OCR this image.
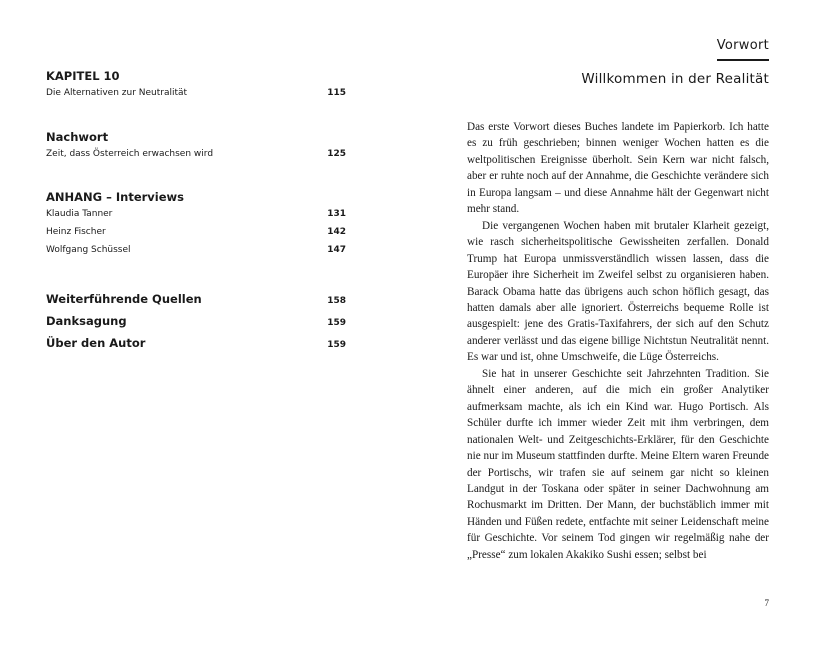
KAPITEL 10
Die Alternativen zur Neutralität	115
Nachwort
Zeit, dass Österreich erwachsen wird	125
ANHANG – Interviews
Klaudia Tanner	131
Heinz Fischer	142
Wolfgang Schüssel	147
Weiterführende Quellen	158
Danksagung	159
Über den Autor	159
Vorwort
Willkommen in der Realität

Das erste Vorwort dieses Buches landete im Papierkorb. Ich hatte es zu früh geschrieben; binnen weniger Wochen hatten es die weltpolitischen Ereignisse überholt. Sein Kern war nicht falsch, aber er ruhte noch auf der Annahme, die Geschichte verändere sich in Europa langsam – und diese Annahme hält der Gegenwart nicht mehr stand.

Die vergangenen Wochen haben mit brutaler Klarheit gezeigt, wie rasch sicherheitspolitische Gewissheiten zerfallen. Donald Trump hat Europa unmissverständlich wissen lassen, dass die Europäer ihre Sicherheit im Zweifel selbst zu organisieren haben. Barack Obama hatte das übrigens auch schon höflich gesagt, das hatten damals aber alle ignoriert. Österreichs bequeme Rolle ist ausgespielt: jene des Gratis-Taxifahrers, der sich auf den Schutz anderer verlässt und das eigene billige Nichtstun Neutralität nennt. Es war und ist, ohne Umschweife, die Lüge Österreichs.

Sie hat in unserer Geschichte seit Jahrzehnten Tradition. Sie ähnelt einer anderen, auf die mich ein großer Analytiker aufmerksam machte, als ich ein Kind war. Hugo Portisch. Als Schüler durfte ich immer wieder Zeit mit ihm verbringen, dem nationalen Welt- und Zeitgeschichts-Erklärer, für den Geschichte nie nur im Museum stattfinden durfte. Meine Eltern waren Freunde der Portischs, wir trafen sie auf seinem gar nicht so kleinen Landgut in der Toskana oder später in seiner Dachwohnung am Rochusmarkt im Dritten. Der Mann, der buchstäblich immer mit Händen und Füßen redete, entfachte mit seiner Leidenschaft meine für Geschichte. Vor seinem Tod gingen wir regelmäßig nahe der „Presse“ zum lokalen Akakiko Sushi essen; selbst bei

7
